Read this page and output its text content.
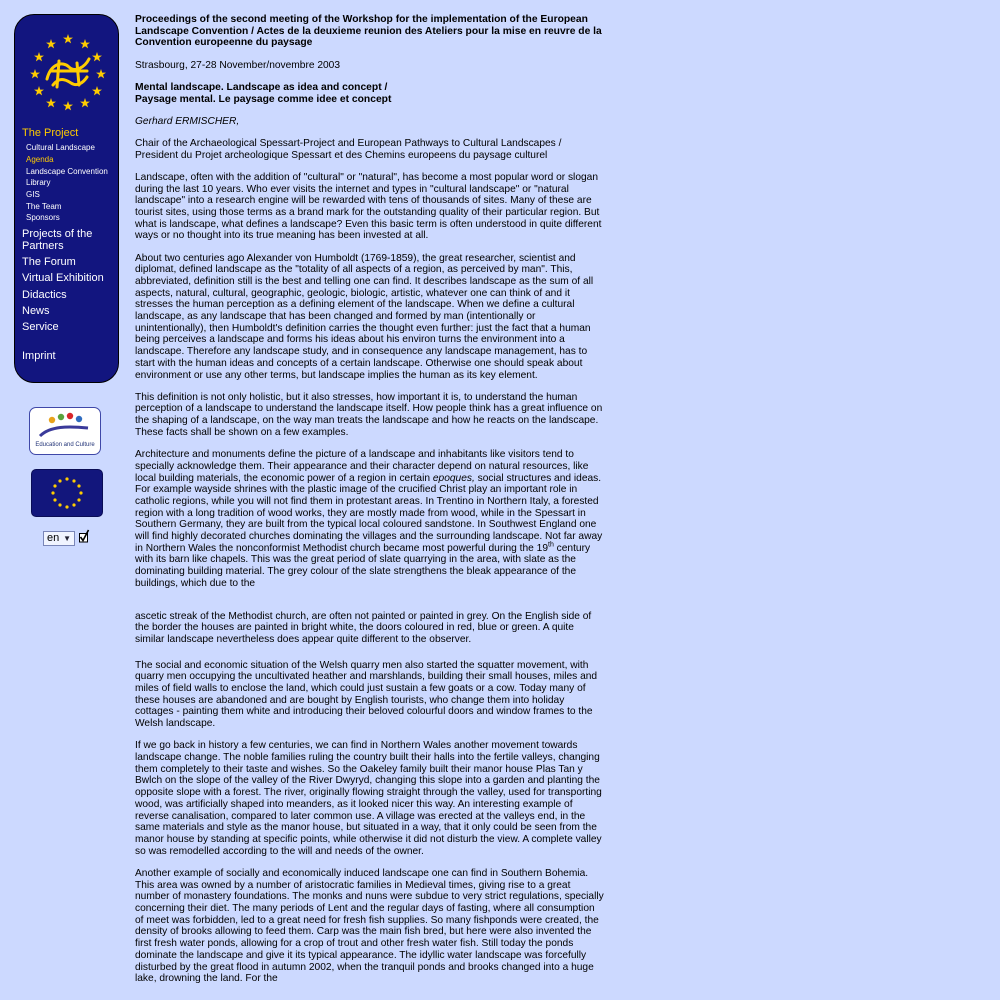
The Project
Cultural Landscape
Agenda
Landscape Convention
Library
GIS
The Team
Sponsors
Projects of the Partners
The Forum
Virtual Exhibition
Didactics
News
Service
Imprint
Education and Culture
en ▼

Proceedings of the second meeting of the Workshop for the implementation of the European Landscape Convention / Actes de la deuxieme reunion des Ateliers pour la mise en reuvre de la Convention europeenne du paysage

Strasbourg, 27-28 November/novembre 2003

Mental landscape. Landscape as idea and concept /
Paysage mental. Le paysage comme idee et concept

Gerhard ERMISCHER,

Chair of the Archaeological Spessart-Project and European Pathways to Cultural Landscapes / President du Projet archeologique Spessart et des Chemins europeens du paysage culturel

Landscape, often with the addition of "cultural" or "natural", has become a most popular word or slogan during the last 10 years. Who ever visits the internet and types in "cultural landscape" or "natural landscape" into a research engine will be rewarded with tens of thousands of sites. Many of these are tourist sites, using those terms as a brand mark for the outstanding quality of their particular region. But what is landscape, what defines a landscape? Even this basic term is often understood in quite different ways or no thought into its true meaning has been invested at all.

About two centuries ago Alexander von Humboldt (1769-1859), the great researcher, scientist and diplomat, defined landscape as the "totality of all aspects of a region, as perceived by man". This, abbreviated, definition still is the best and telling one can find. It describes landscape as the sum of all aspects, natural, cultural, geographic, geologic, biologic, artistic, whatever one can think of and it stresses the human perception as a defining element of the landscape. When we define a cultural landscape, as any landscape that has been changed and formed by man (intentionally or unintentionally), then Humboldt's definition carries the thought even further: just the fact that a human being perceives a landscape and forms his ideas about his environ turns the environment into a landscape. Therefore any landscape study, and in consequence any landscape management, has to start with the human ideas and concepts of a certain landscape. Otherwise one should speak about environment or use any other terms, but landscape implies the human as its key element.

This definition is not only holistic, but it also stresses, how important it is, to understand the human perception of a landscape to understand the landscape itself. How people think has a great influence on the shaping of a landscape, on the way man treats the landscape and how he reacts on the landscape. These facts shall be shown on a few examples.

Architecture and monuments define the picture of a landscape and inhabitants like visitors tend to specially acknowledge them. Their appearance and their character depend on natural resources, like local building materials, the economic power of a region in certain epoques, social structures and ideas. For example wayside shrines with the plastic image of the crucified Christ play an important role in catholic regions, while you will not find them in protestant areas. In Trentino in Northern Italy, a forested region with a long tradition of wood works, they are mostly made from wood, while in the Spessart in Southern Germany, they are built from the typical local coloured sandstone. In Southwest England one will find highly decorated churches dominating the villages and the surrounding landscape. Not far away in Northern Wales the nonconformist Methodist church became most powerful during the 19th century with its barn like chapels. This was the great period of slate quarrying in the area, with slate as the dominating building material. The grey colour of the slate strengthens the bleak appearance of the buildings, which due to the

ascetic streak of the Methodist church, are often not painted or painted in grey. On the English side of the border the houses are painted in bright white, the doors coloured in red, blue or green. A quite similar landscape nevertheless does appear quite different to the observer.

The social and economic situation of the Welsh quarry men also started the squatter movement, with quarry men occupying the uncultivated heather and marshlands, building their small houses, miles and miles of field walls to enclose the land, which could just sustain a few goats or a cow. Today many of these houses are abandoned and are bought by English tourists, who change them into holiday cottages - painting them white and introducing their beloved colourful doors and window frames to the Welsh landscape.

If we go back in history a few centuries, we can find in Northern Wales another movement towards landscape change. The noble families ruling the country built their halls into the fertile valleys, changing them completely to their taste and wishes. So the Oakeley family built their manor house Plas Tan y Bwlch on the slope of the valley of the River Dwyryd, changing this slope into a garden and planting the opposite slope with a forest. The river, originally flowing straight through the valley, used for transporting wood, was artificially shaped into meanders, as it looked nicer this way. An interesting example of reverse canalisation, compared to later common use. A village was erected at the valleys end, in the same materials and style as the manor house, but situated in a way, that it only could be seen from the manor house by standing at specific points, while otherwise it did not disturb the view. A complete valley so was remodelled according to the will and needs of the owner.

Another example of socially and economically induced landscape one can find in Southern Bohemia. This area was owned by a number of aristocratic families in Medieval times, giving rise to a great number of monastery foundations. The monks and nuns were subdue to very strict regulations, specially concerning their diet. The many periods of Lent and the regular days of fasting, where all consumption of meet was forbidden, led to a great need for fresh fish supplies. So many fishponds were created, the density of brooks allowing to feed them. Carp was the main fish bred, but here were also invented the first fresh water ponds, allowing for a crop of trout and other fresh water fish. Still today the ponds dominate the landscape and give it its typical appearance. The idyllic water landscape was forcefully disturbed by the great flood in autumn 2002, when the tranquil ponds and brooks changed into a huge lake, drowning the land. For the
